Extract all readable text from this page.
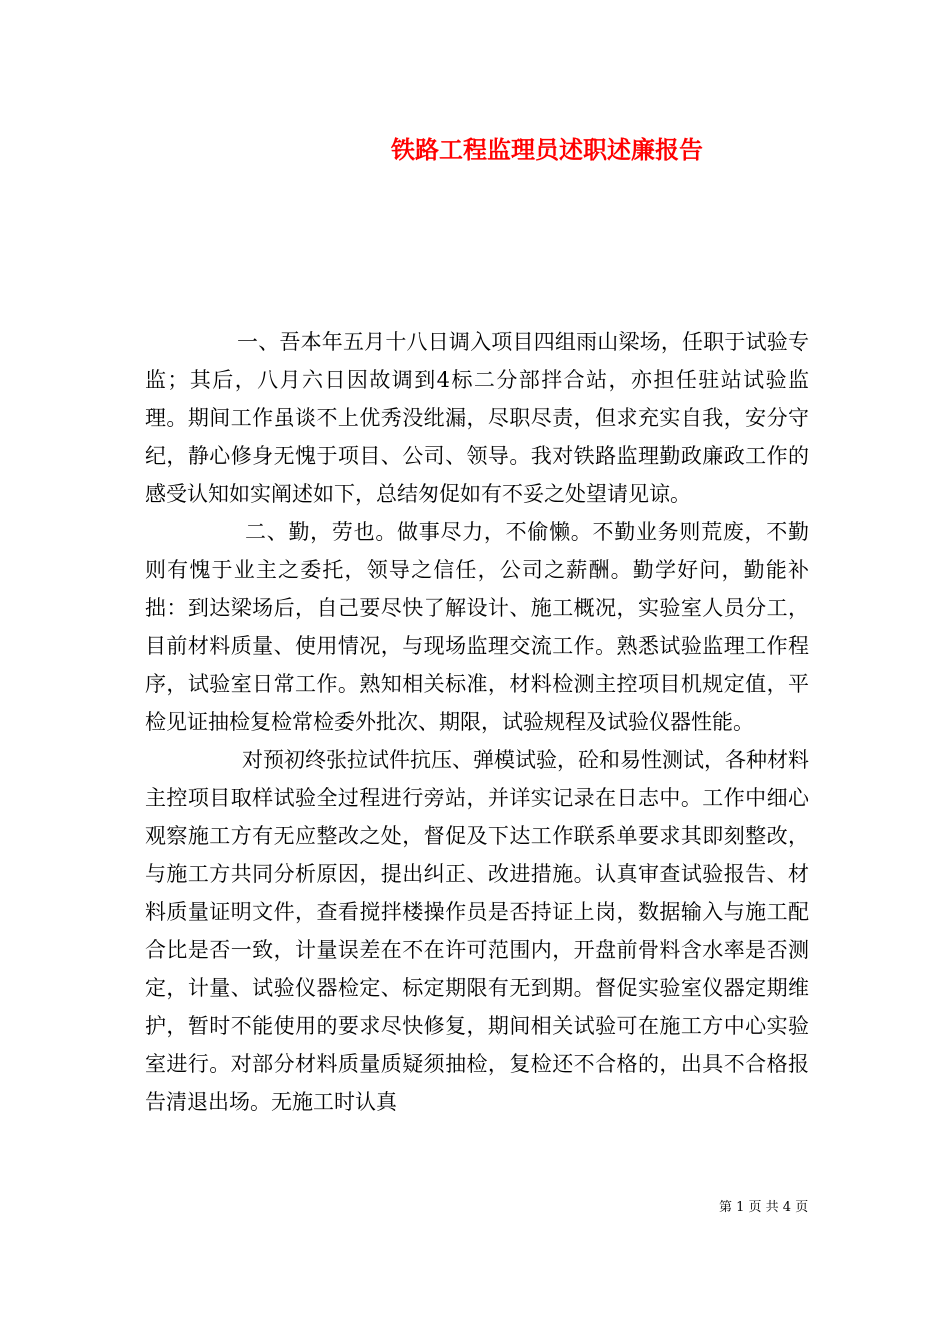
铁路工程监理员述职述廉报告

一、吾本年五月十八日调入项目四组雨山梁场，任职于试验专监；其后，八月六日因故调到4标二分部拌合站，亦担任驻站试验监理。期间工作虽谈不上优秀没纰漏，尽职尽责，但求充实自我，安分守纪，静心修身无愧于项目、公司、领导。我对铁路监理勤政廉政工作的感受认知如实阐述如下，总结匆促如有不妥之处望请见谅。

二、勤，劳也。做事尽力，不偷懒。不勤业务则荒废，不勤则有愧于业主之委托，领导之信任，公司之薪酬。勤学好问，勤能补拙：到达梁场后，自己要尽快了解设计、施工概况，实验室人员分工，目前材料质量、使用情况，与现场监理交流工作。熟悉试验监理工作程序，试验室日常工作。熟知相关标准，材料检测主控项目机规定值，平检见证抽检复检常检委外批次、期限，试验规程及试验仪器性能。

对预初终张拉试件抗压、弹模试验，砼和易性测试，各种材料主控项目取样试验全过程进行旁站，并详实记录在日志中。工作中细心观察施工方有无应整改之处，督促及下达工作联系单要求其即刻整改，与施工方共同分析原因，提出纠正、改进措施。认真审查试验报告、材料质量证明文件，查看搅拌楼操作员是否持证上岗，数据输入与施工配合比是否一致，计量误差在不在许可范围内，开盘前骨料含水率是否测定，计量、试验仪器检定、标定期限有无到期。督促实验室仪器定期维护，暂时不能使用的要求尽快修复，期间相关试验可在施工方中心实验室进行。对部分材料质量质疑须抽检，复检还不合格的，出具不合格报告清退出场。无施工时认真

第 1 页 共 4 页
